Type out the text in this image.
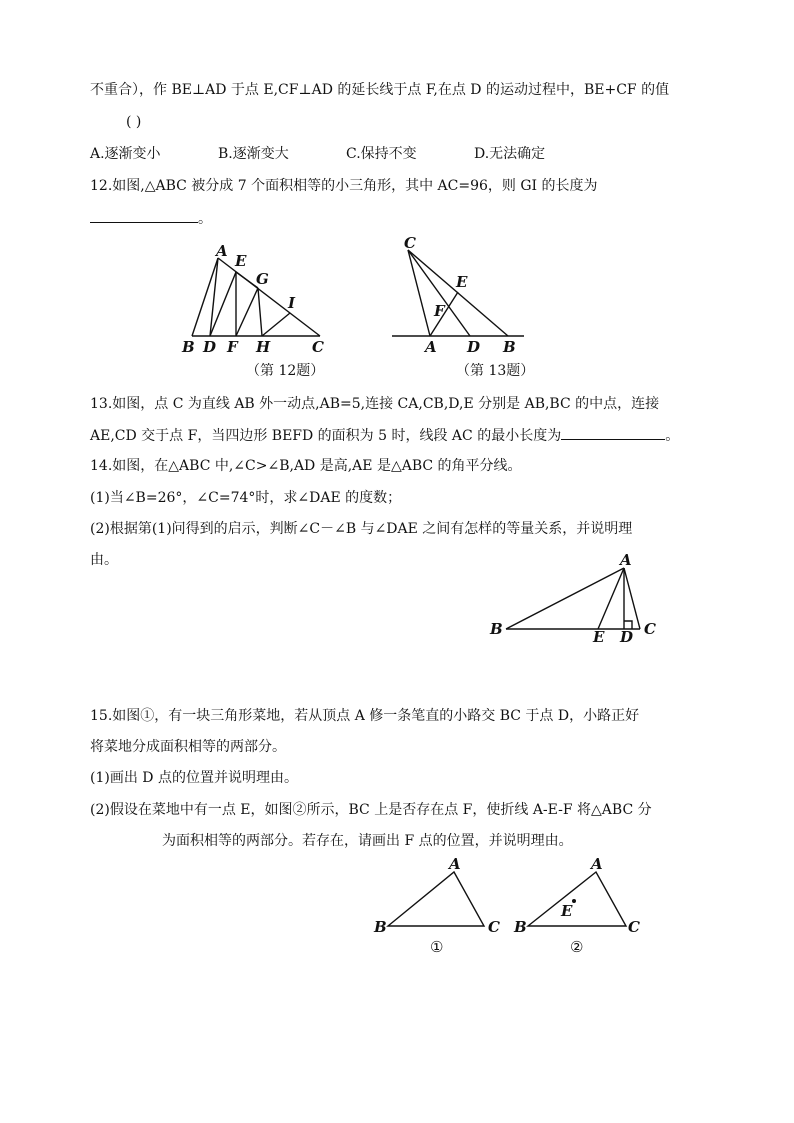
不重合），作 BE⊥AD 于点 E,CF⊥AD 的延长线于点 F,在点 D 的运动过程中，BE+CF 的值
( )
A.逐渐变小	B.逐渐变大	C.保持不变	D.无法确定
12.如图,△ABC 被分成 7 个面积相等的小三角形，其中 AC=96，则 GI 的长度为
。
A
E
G
I
B D F H	C
（第 12题）
C
E
F
A D B
（第 13题）
13.如图，点 C 为直线 AB 外一动点,AB=5,连接 CA,CB,D,E 分别是 AB,BC 的中点，连接
AE,CD 交于点 F，当四边形 BEFD 的面积为 5 时，线段 AC 的最小长度为	。
14.如图，在△ABC 中,∠C>∠B,AD 是高,AE 是△ABC 的角平分线。
(1)当∠B=26°，∠C=74°时，求∠DAE 的度数；
(2)根据第(1)问得到的启示，判断∠C－∠B 与∠DAE 之间有怎样的等量关系，并说明理
由。	A
B	E D C
15.如图①，有一块三角形菜地，若从顶点 A 修一条笔直的小路交 BC 于点 D，小路正好
将菜地分成面积相等的两部分。
(1)画出 D 点的位置并说明理由。
(2)假设在菜地中有一点 E，如图②所示，BC 上是否存在点 F，使折线 A-E-F 将△ABC 分
为面积相等的两部分。若存在，请画出 F 点的位置，并说明理由。
A
B	C
①
A
E
B	C
②
